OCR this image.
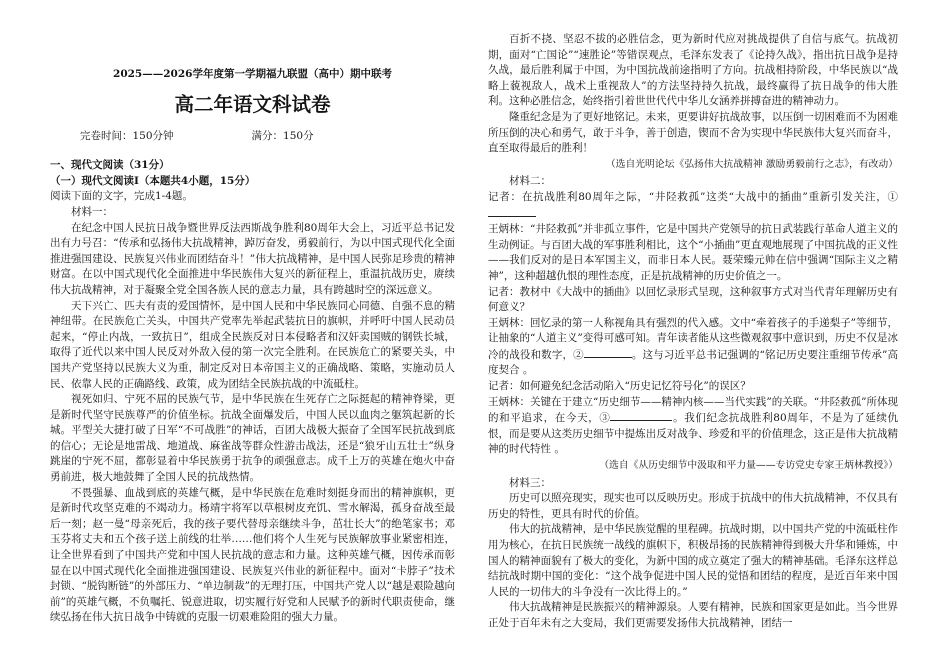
2025——2026学年度第一学期福九联盟（高中）期中联考
高二年语文科试卷
完卷时间：150分钟	满分：150分

一、现代文阅读（31分）

（一）现代文阅读Ⅰ（本题共4小题，15分）

阅读下面的文字，完成1-4题。

材料一：

在纪念中国人民抗日战争暨世界反法西斯战争胜利80周年大会上，习近平总书记发出有力号召：“传承和弘扬伟大抗战精神，踔厉奋发，勇毅前行，为以中国式现代化全面推进强国建设、民族复兴伟业而团结奋斗！”伟大抗战精神，是中国人民弥足珍贵的精神财富。在以中国式现代化全面推进中华民族伟大复兴的新征程上，重温抗战历史，赓续伟大抗战精神，对于凝聚全党全国各族人民的意志力量，具有跨越时空的深远意义。

天下兴亡、匹夫有责的爱国情怀，是中国人民和中华民族同心同德、自强不息的精神纽带。在民族危亡关头，中国共产党率先举起武装抗日的旗帜，并呼吁中国人民动员起来，“停止内战，一致抗日”，组成全民族反对日本侵略者和汉奸卖国贼的钢铁长城，取得了近代以来中国人民反对外敌入侵的第一次完全胜利。在民族危亡的紧要关头，中国共产党坚持以民族大义为重，制定反对日本帝国主义的正确战略、策略，实施动员人民、依靠人民的正确路线、政策，成为团结全民族抗战的中流砥柱。

视死如归、宁死不屈的民族气节，是中华民族在生死存亡之际挺起的精神脊梁，更是新时代坚守民族尊严的价值坐标。抗战全面爆发后，中国人民以血肉之躯筑起新的长城。平型关大捷打破了日军“不可战胜”的神话，百团大战极大振奋了全国军民抗战到底的信心；无论是地雷战、地道战、麻雀战等群众性游击战法，还是“狼牙山五壮士”纵身跳崖的宁死不屈，都彰显着中华民族勇于抗争的顽强意志。成千上万的英雄在炮火中奋勇前进，极大地鼓舞了全国人民的抗战热情。

不畏强暴、血战到底的英雄气概，是中华民族在危难时刻挺身而出的精神旗帜，更是新时代攻坚克难的不竭动力。杨靖宇将军以草根树皮充饥、雪水解渴，孤身奋战至最后一刻；赵一曼“母亲死后，我的孩子要代替母亲继续斗争，茁壮长大”的绝笔家书；邓玉芬将丈夫和五个孩子送上前线的壮举……他们将个人生死与民族解放事业紧密相连，让全世界看到了中国共产党和中国人民抗战的意志和力量。这种英雄气概，因传承而彰显在以中国式现代化全面推进强国建设、民族复兴伟业的新征程中。面对“卡脖子”技术封锁、“脱钩断链”的外部压力、“单边制裁”的无理打压，中国共产党人以“越是艰险越向前”的英雄气概，不负嘱托、锐意进取，切实履行好党和人民赋予的新时代职责使命，继续弘扬在伟大抗日战争中铸就的克服一切艰难险阻的强大力量。

百折不挠、坚忍不拔的必胜信念，更为新时代应对挑战提供了自信与底气。抗战初期，面对“亡国论”“速胜论”等错误观点，毛泽东发表了《论持久战》，指出抗日战争是持久战，最后胜利属于中国，为中国抗战前途指明了方向。抗战相持阶段，中华民族以“战略上藐视敌人，战术上重视敌人”的方法坚持持久抗战，最终赢得了抗日战争的伟大胜利。这种必胜信念，始终指引着世世代代中华儿女涵养拼搏奋进的精神动力。

隆重纪念是为了更好地铭记。未来，更要讲好抗战故事，以压倒一切困难而不为困难所压倒的决心和勇气，敢于斗争，善于创造，锲而不舍为实现中华民族伟大复兴而奋斗，直至取得最后的胜利！

（选自光明论坛《弘扬伟大抗战精神 激励勇毅前行之志》，有改动）

材料二：

记者：在抗战胜利80周年之际，“井陉救孤”这类“大战中的插曲”重新引发关注，①

王炳林：“井陉救孤”并非孤立事件，它是中国共产党领导的抗日武装践行革命人道主义的生动例证。与百团大战的军事胜利相比，这个“小插曲”更直观地展现了中国抗战的正义性——我们反对的是日本军国主义，而非日本人民。聂荣臻元帅在信中强调“国际主义之精神”，这种超越仇恨的理性态度，正是抗战精神的历史价值之一。

记者：教材中《大战中的插曲》以回忆录形式呈现，这种叙事方式对当代青年理解历史有何意义？

王炳林：回忆录的第一人称视角具有强烈的代入感。文中“牵着孩子的手递梨子”等细节，让抽象的“人道主义”变得可感可知。青年读者能从这些微观叙事中意识到，历史不仅是冰冷的战役和数字，②	。这与习近平总书记强调的“铭记历史要注重细节传承”高度契合 。

记者：如何避免纪念活动陷入“历史记忆符号化”的误区？

王炳林：关键在于建立“历史细节——精神内核——当代实践”的关联。“井陉救孤”所体现的和平追求，在今天，③	。我们纪念抗战胜利80周年，不是为了延续仇恨，而是要从这类历史细节中提炼出反对战争、珍爱和平的价值理念，这正是伟大抗战精神的时代特性 。

（选自《从历史细节中汲取和平力量——专访党史专家王炳林教授》）

材料三：

历史可以照亮现实，现实也可以反映历史。形成于抗战中的伟大抗战精神，不仅具有历史的特性，更具有时代的价值。

伟大的抗战精神，是中华民族觉醒的里程碑。抗战时期，以中国共产党的中流砥柱作用为核心，在抗日民族统一战线的旗帜下，积极昂扬的民族精神得到极大升华和锤炼，中国人的精神面貌有了极大的变化，为新中国的成立奠定了强大的精神基础。毛泽东这样总结抗战时期中国的变化：“这个战争促进中国人民的觉悟和团结的程度，是近百年来中国人民的一切伟大的斗争没有一次比得上的。”

伟大抗战精神是民族振兴的精神源泉。人要有精神，民族和国家更是如此。当今世界正处于百年未有之大变局，我们更需要发扬伟大抗战精神，团结一
